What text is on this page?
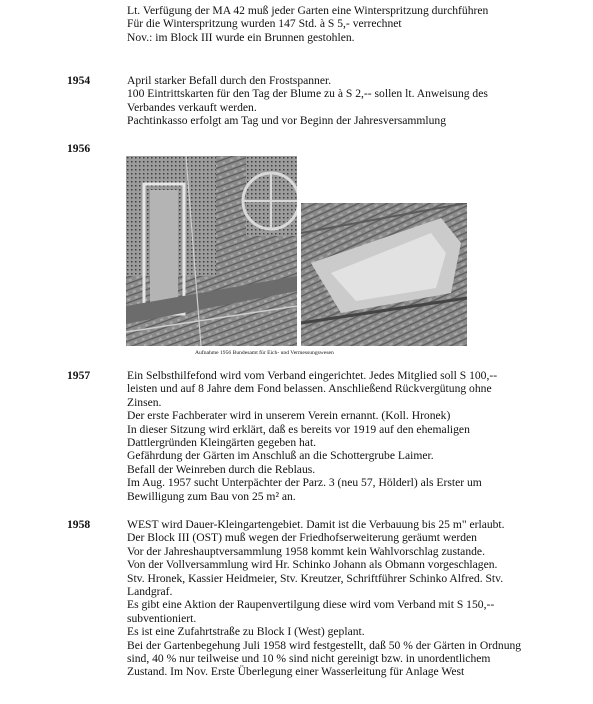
Lt. Verfügung der MA 42 muß jeder Garten eine Winterspritzung durchführen
Für die Winterspritzung wurden 147 Std. à S 5,- verrechnet
Nov.: im Block III wurde ein Brunnen gestohlen.
1954	April starker Befall durch den Frostspanner.
100 Eintrittskarten für den Tag der Blume zu à S 2,-- sollen lt. Anweisung des
Verbandes verkauft werden.
Pachtinkasso erfolgt am Tag und vor Beginn der Jahresversammlung
1956
Aufnahme 1956 Bundesamt für Eich- und Vermessungswesen
1957	Ein Selbsthilfefond wird vom Verband eingerichtet. Jedes Mitglied soll S 100,--
leisten und auf 8 Jahre dem Fond belassen. Anschließend Rückvergütung ohne
Zinsen.
Der erste Fachberater wird in unserem Verein ernannt. (Koll. Hronek)
In dieser Sitzung wird erklärt, daß es bereits vor 1919 auf den ehemaligen
Dattlergründen Kleingärten gegeben hat.
Gefährdung der Gärten im Anschluß an die Schottergrube Laimer.
Befall der Weinreben durch die Reblaus.
Im Aug. 1957 sucht Unterpächter der Parz. 3 (neu 57, Hölderl) als Erster um
Bewilligung zum Bau von 25 m² an.
1958	WEST wird Dauer-Kleingartengebiet. Damit ist die Verbauung bis 25 m" erlaubt.
Der Block III (OST) muß wegen der Friedhofserweiterung geräumt werden
Vor der Jahreshauptversammlung 1958 kommt kein Wahlvorschlag zustande.
Von der Vollversammlung wird Hr. Schinko Johann als Obmann vorgeschlagen.
Stv. Hronek, Kassier Heidmeier, Stv. Kreutzer, Schriftführer Schinko Alfred. Stv.
Landgraf.
Es gibt eine Aktion der Raupenvertilgung diese wird vom Verband mit S 150,--
subventioniert.
Es ist eine Zufahrtstraße zu Block I (West) geplant.
Bei der Gartenbegehung Juli 1958 wird festgestellt, daß 50 % der Gärten in Ordnung
sind, 40 % nur teilweise und 10 % sind nicht gereinigt bzw. in unordentlichem
Zustand. Im Nov. Erste Überlegung einer Wasserleitung für Anlage West
